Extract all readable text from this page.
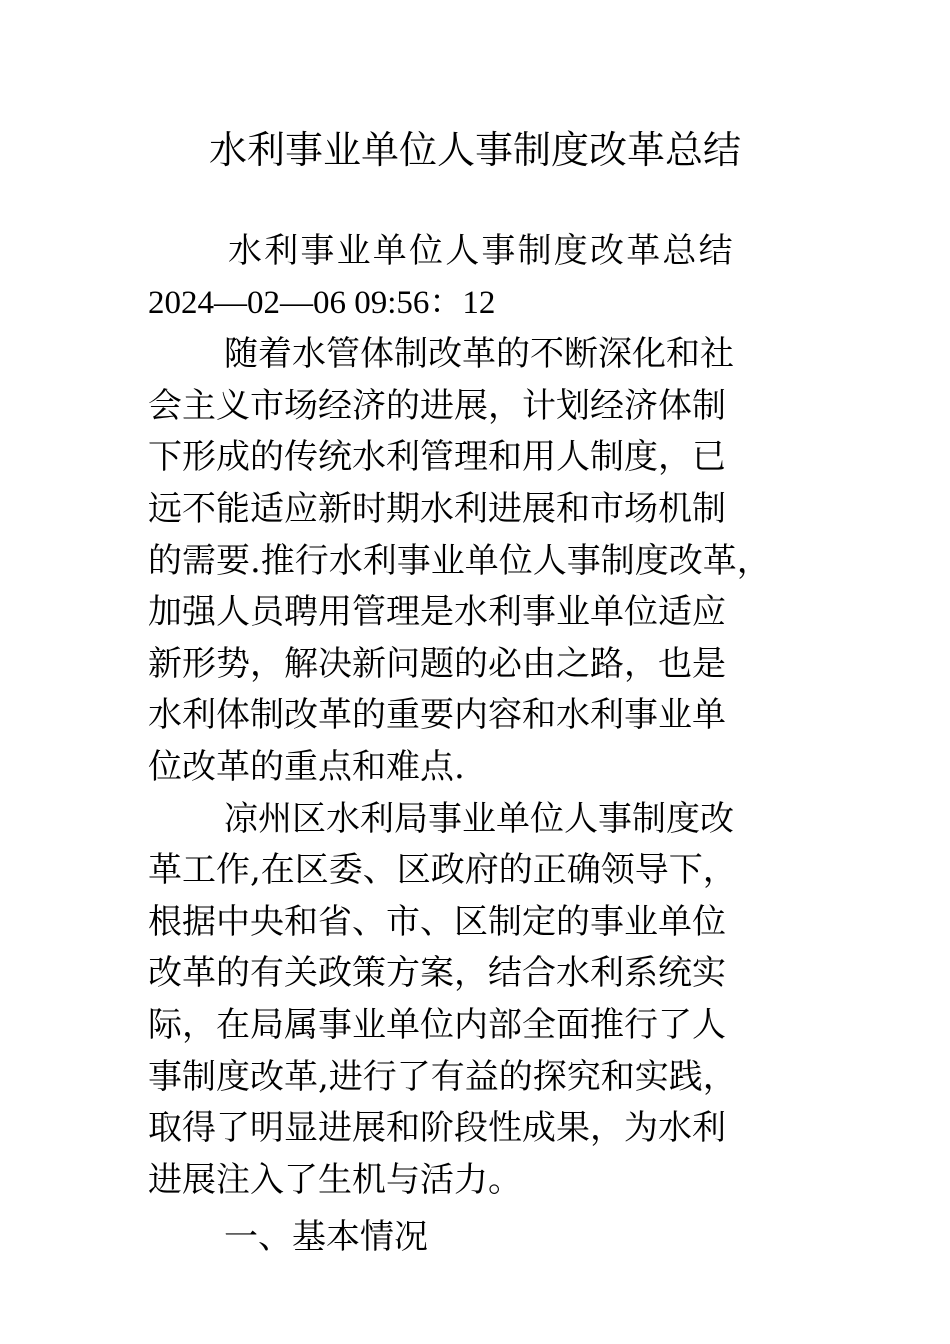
水利事业单位人事制度改革总结
水利事业单位人事制度改革总结
2024—02—06 09:56：12
随着水管体制改革的不断深化和社
会主义市场经济的进展，计划经济体制
下形成的传统水利管理和用人制度，已
远不能适应新时期水利进展和市场机制
的需要.推行水利事业单位人事制度改革，
加强人员聘用管理是水利事业单位适应
新形势，解决新问题的必由之路，也是
水利体制改革的重要内容和水利事业单
位改革的重点和难点.
凉州区水利局事业单位人事制度改
革工作,在区委、区政府的正确领导下，
根据中央和省、市、区制定的事业单位
改革的有关政策方案，结合水利系统实
际，在局属事业单位内部全面推行了人
事制度改革,进行了有益的探究和实践，
取得了明显进展和阶段性成果，为水利
进展注入了生机与活力。
一、基本情况
